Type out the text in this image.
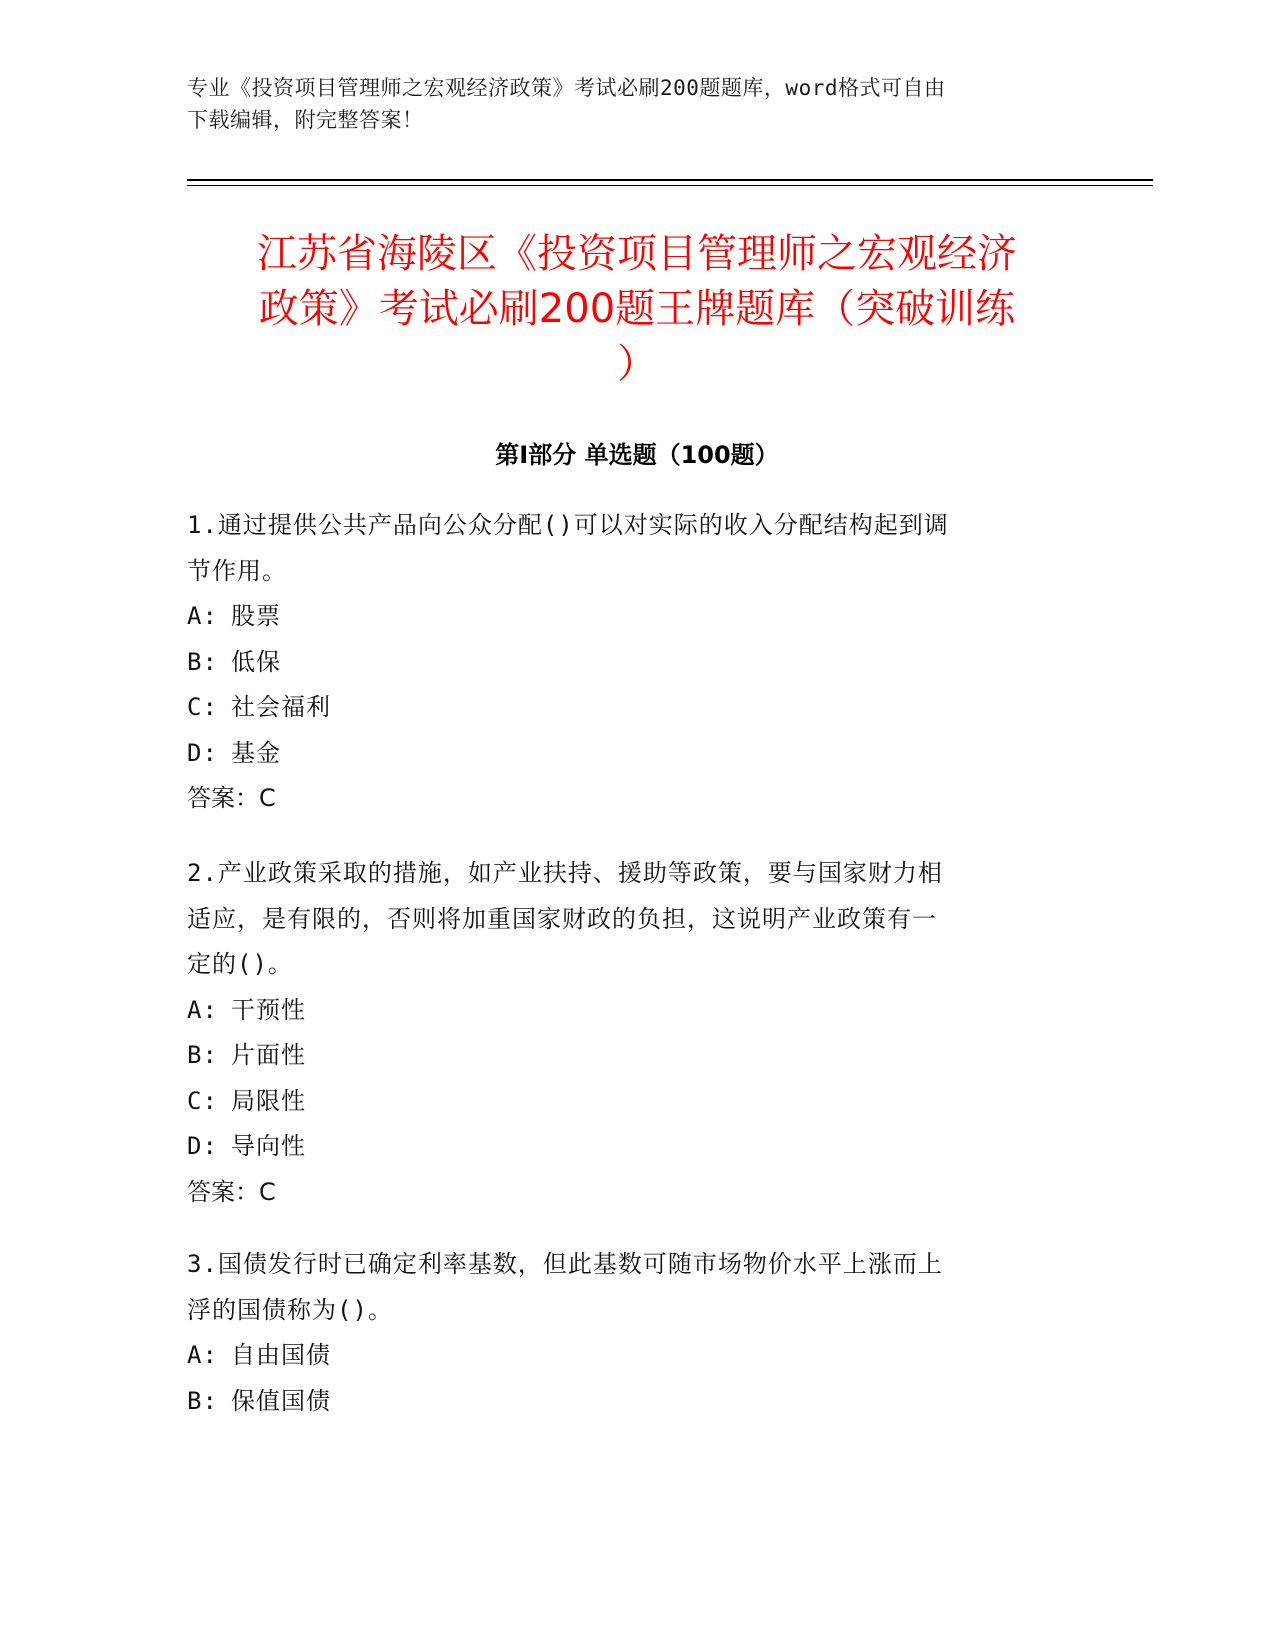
专业《投资项目管理师之宏观经济政策》考试必刷200题题库，word格式可自由
下载编辑，附完整答案！
江苏省海陵区《投资项目管理师之宏观经济
政策》考试必刷200题王牌题库（突破训练
）
第Ⅰ部分 单选题（100题）
1.通过提供公共产品向公众分配()可以对实际的收入分配结构起到调
节作用。
A: 股票
B: 低保
C: 社会福利
D: 基金
答案：C
2.产业政策采取的措施，如产业扶持、援助等政策，要与国家财力相
适应，是有限的，否则将加重国家财政的负担，这说明产业政策有一
定的()。
A: 干预性
B: 片面性
C: 局限性
D: 导向性
答案：C
3.国债发行时已确定利率基数，但此基数可随市场物价水平上涨而上
浮的国债称为()。
A: 自由国债
B: 保值国债
